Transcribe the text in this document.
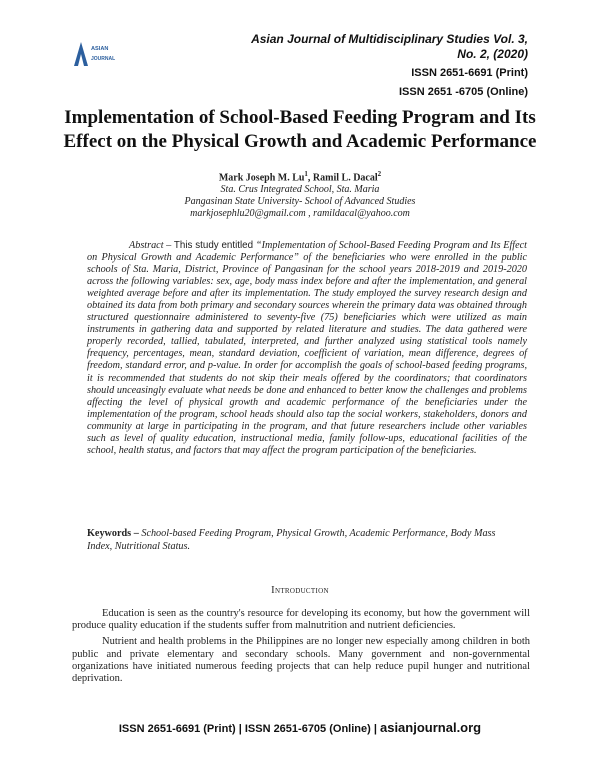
ASIAN
JOURNAL
Asian Journal of Multidisciplinary Studies Vol. 3,
No. 2, (2020)
ISSN 2651-6691 (Print)
ISSN 2651 -6705 (Online)
Implementation of School-Based Feeding Program and Its
Effect on the Physical Growth and Academic Performance
Mark Joseph M. Lu$^1$, Ramil L. Dacal$^2$
Sta. Crus Integrated School, Sta. Maria
Pangasinan State University- School of Advanced Studies
markjosephlu20@gmail.com , ramildacal@yahoo.com
Abstract – This study entitled “Implementation of School-Based Feeding Program and Its Effect on Physical Growth and Academic Performance” of the beneficiaries who were enrolled in the public schools of Sta. Maria, District, Province of Pangasinan for the school years 2018-2019 and 2019-2020 across the following variables: sex, age, body mass index before and after the implementation, and general weighted average before and after its implementation. The study employed the survey research design and obtained its data from both primary and secondary sources wherein the primary data was obtained through structured questionnaire administered to seventy-five (75) beneficiaries which were utilized as main instruments in gathering data and supported by related literature and studies. The data gathered were properly recorded, tallied, tabulated, interpreted, and further analyzed using statistical tools namely frequency, percentages, mean, standard deviation, coefficient of variation, mean difference, degrees of freedom, standard error, and p-value. In order for accomplish the goals of school-based feeding programs, it is recommended that students do not skip their meals offered by the coordinators; that coordinators should unceasingly evaluate what needs be done and enhanced to better know the challenges and problems affecting the level of physical growth and academic performance of the beneficiaries under the implementation of the program, school heads should also tap the social workers, stakeholders, donors and community at large in participating in the program, and that future researchers include other variables such as level of quality education, instructional media, family follow-ups, educational facilities of the school, health status, and factors that may affect the program participation of the beneficiaries.
Keywords – School-based Feeding Program, Physical Growth, Academic Performance, Body Mass Index, Nutritional Status.
Introduction

Education is seen as the country's resource for developing its economy, but how the government will produce quality education if the students suffer from malnutrition and nutrient deficiencies.

Nutrient and health problems in the Philippines are no longer new especially among children in both public and private elementary and secondary schools. Many government and non-governmental organizations have initiated numerous feeding projects that can help reduce pupil hunger and nutritional deprivation.

ISSN 2651-6691 (Print) | ISSN 2651-6705 (Online) | asianjournal.org
